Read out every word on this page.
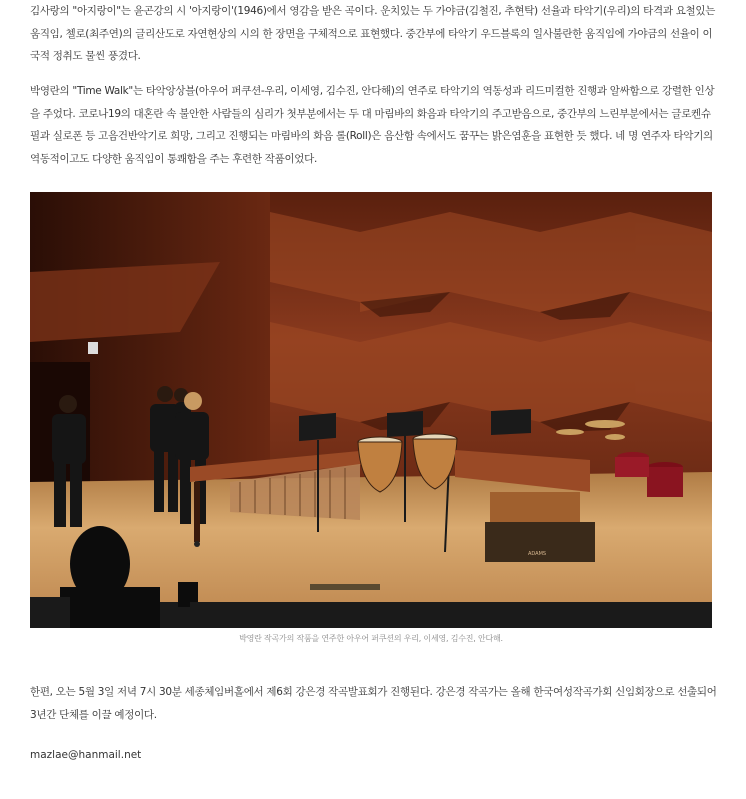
김사랑의 "아지랑이"는 윤곤강의 시 '아지랑이'(1946)에서 영감을 받은 곡이다. 운치있는 두 가야금(김철진, 추현탁) 선율과 타악기(우리)의 타격과 요철있는 움직임, 첼로(최주연)의 글리산도로 자연현상의 시의 한 장면을 구체적으로 표현했다. 중간부에 타악기 우드블록의 일사불란한 움직임에 가야금의 선율이 이국적 정취도 물씬 풍겼다.

박영란의 "Time Walk"는 타악앙상블(아우어 퍼쿠션-우리, 이세영, 김수진, 안다해)의 연주로 타악기의 역동성과 리드미컬한 진행과 알싸함으로 강렬한 인상을 주었다. 코로나19의 대혼란 속 불안한 사람들의 심리가 첫부분에서는 두 대 마림바의 화음과 타악기의 주고받음으로, 중간부의 느린부분에서는 글로켄슈필과 실로폰 등 고음건반악기로 희망, 그리고 진행되는 마림바의 화음 롤(Roll)은 음산함 속에서도 꿈꾸는 밝은염훈을 표현한 듯 했다. 네 명 연주자 타악기의 역동적이고도 다양한 움직임이 통쾌함을 주는 후련한 작품이었다.

ADAMS

박영란 작곡가의 작품을 연주한 아우어 퍼쿠션의 우리, 이세영, 김수진, 안다해.

한편, 오는 5월 3일 저녁 7시 30분 세종체임버홀에서 제6회 강은경 작곡발표회가 진행된다. 강은경 작곡가는 올해 한국여성작곡가회 신임회장으로 선출되어 3년간 단체를 이끌 예정이다.

mazlae@hanmail.net
